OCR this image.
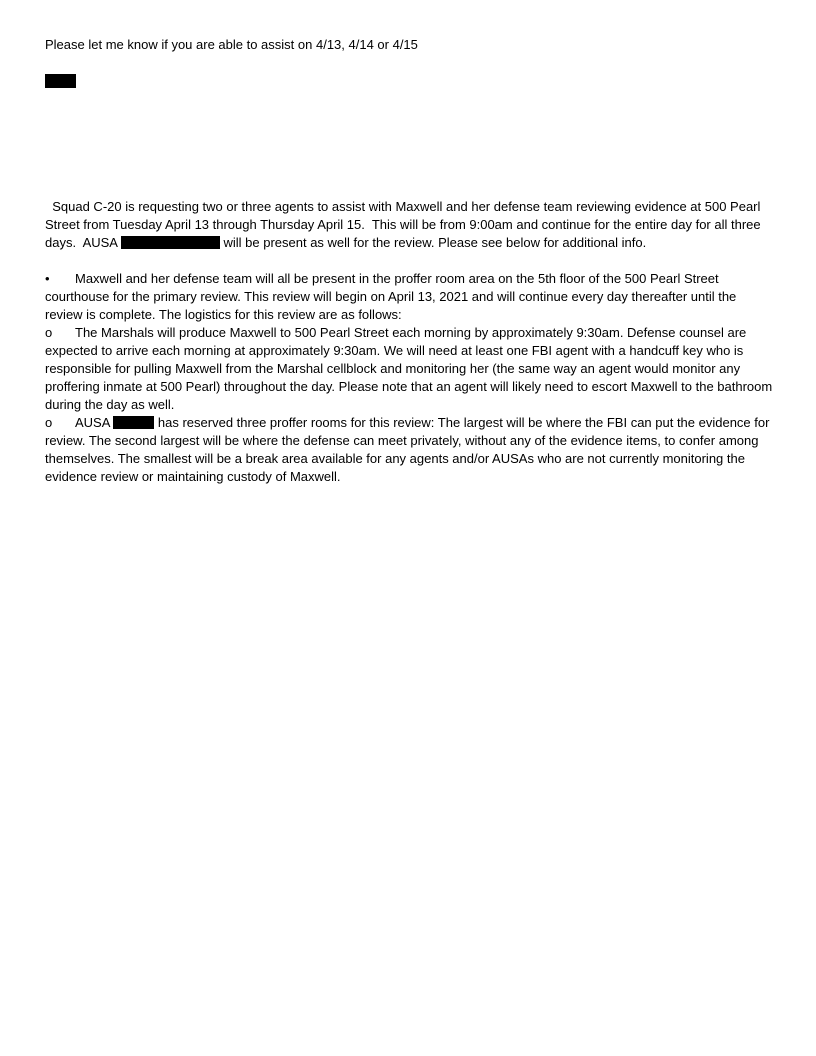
Please let me know if you are able to assist on 4/13, 4/14 or 4/15
Squad C-20 is requesting two or three agents to assist with Maxwell and her defense team reviewing evidence at 500 Pearl Street from Tuesday April 13 through Thursday April 15.  This will be from 9:00am and continue for the entire day for all three days.  AUSA	will be present as well for the review. Please see below for additional info.
• Maxwell and her defense team will all be present in the proffer room area on the 5th floor of the 500 Pearl Street courthouse for the primary review. This review will begin on April 13, 2021 and will continue every day thereafter until the review is complete. The logistics for this review are as follows:
o The Marshals will produce Maxwell to 500 Pearl Street each morning by approximately 9:30am. Defense counsel are expected to arrive each morning at approximately 9:30am. We will need at least one FBI agent with a handcuff key who is responsible for pulling Maxwell from the Marshal cellblock and monitoring her (the same way an agent would monitor any proffering inmate at 500 Pearl) throughout the day. Please note that an agent will likely need to escort Maxwell to the bathroom during the day as well.
o AUSA	has reserved three proffer rooms for this review: The largest will be where the FBI can put the evidence for review. The second largest will be where the defense can meet privately, without any of the evidence items, to confer among themselves. The smallest will be a break area available for any agents and/or AUSAs who are not currently monitoring the evidence review or maintaining custody of Maxwell.
